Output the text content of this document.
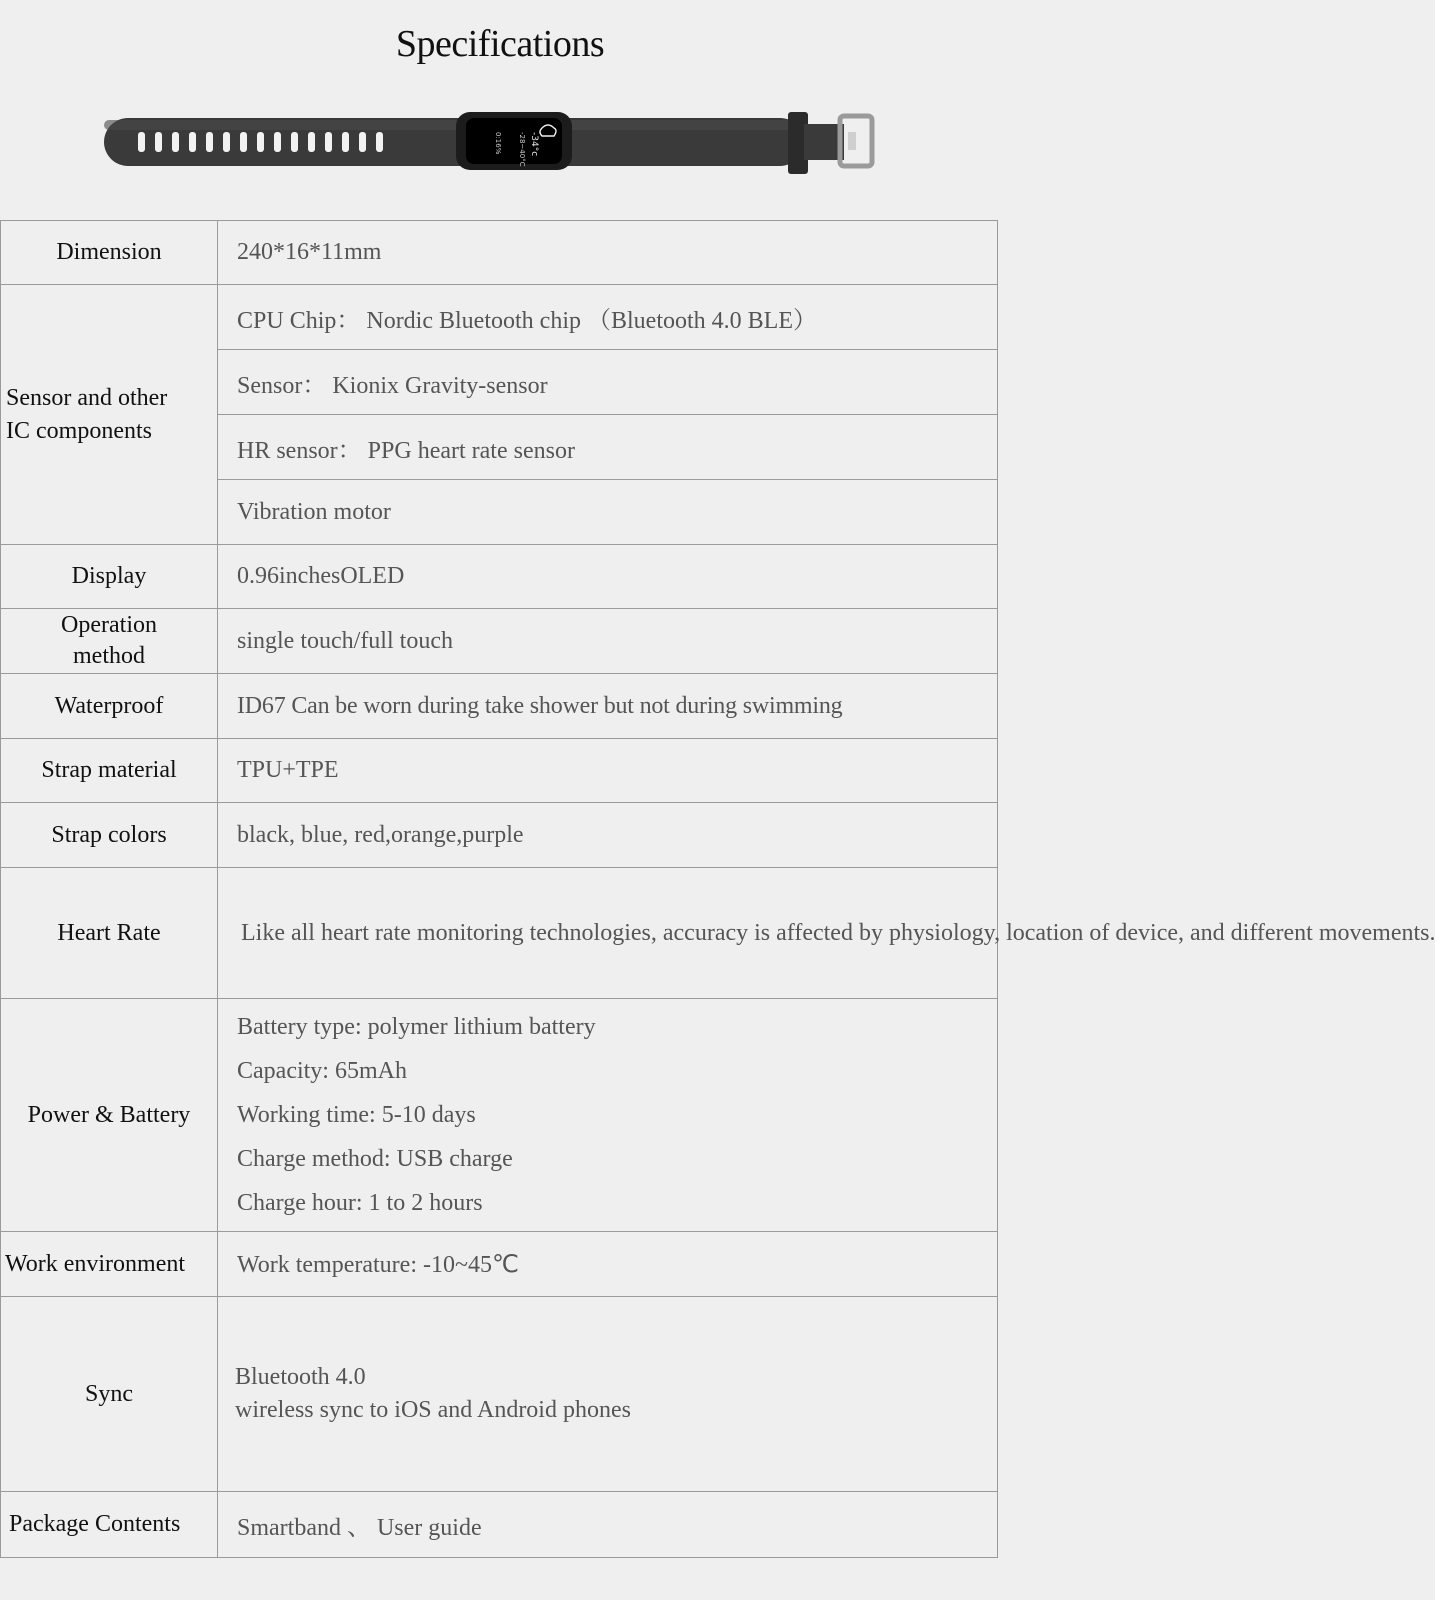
Specifications
-34°c
-28~40°C
0:16%
Dimension	240*16*11mm

Sensor and other
IC components	CPU Chip： Nordic Bluetooth chip （Bluetooth 4.0 BLE）
	Sensor： Kionix Gravity-sensor
	HR sensor： PPG heart rate sensor
	Vibration motor
Display	0.96inchesOLED

Operation
method	single touch/full touch
Waterproof	ID67 Can be worn during take shower but not during swimming
Strap material	TPU+TPE
Strap colors	black, blue, red,orange,purple
Heart Rate	Like all heart rate monitoring technologies, accuracy is affected by physiology, location of device, and different movements.
Power & Battery	Battery type: polymer lithium battery
Capacity: 65mAh
Working time: 5-10 days
Charge method: USB charge
Charge hour: 1 to 2 hours

Work environment	Work temperature: -10~45℃
Sync	Bluetooth 4.0
wireless sync to iOS and Android phones

Package Contents	Smartband 、 User guide
